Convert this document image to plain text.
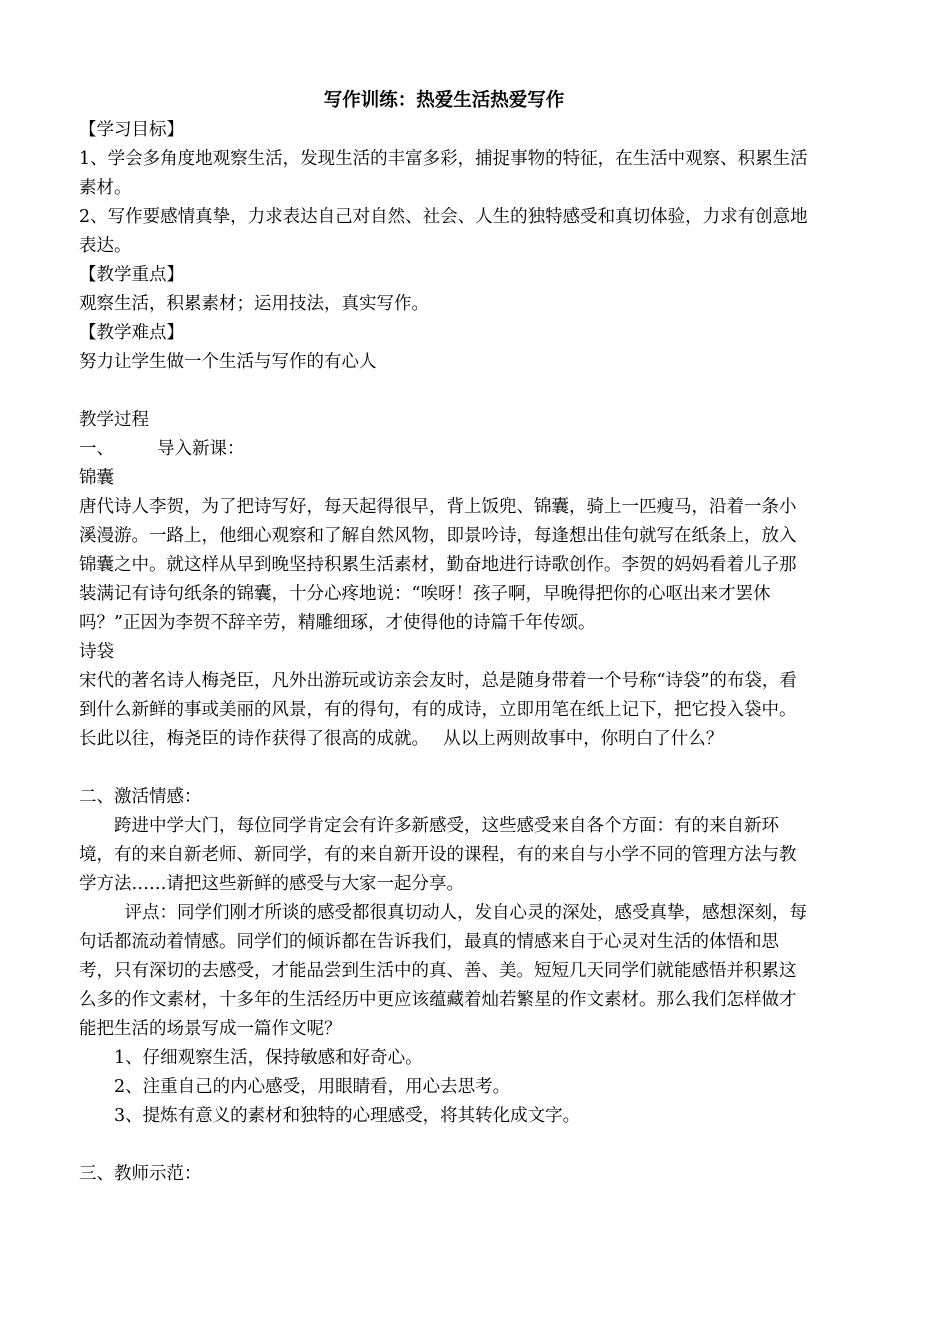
写作训练：热爱生活热爱写作

【学习目标】

1、学会多角度地观察生活，发现生活的丰富多彩，捕捉事物的特征，在生活中观察、积累生活素材。

2、写作要感情真挚，力求表达自己对自然、社会、人生的独特感受和真切体验，力求有创意地表达。

【教学重点】

观察生活，积累素材；运用技法，真实写作。

【教学难点】

努力让学生做一个生活与写作的有心人

教学过程

一、 导入新课：

锦囊

唐代诗人李贺，为了把诗写好，每天起得很早，背上饭兜、锦囊，骑上一匹瘦马，沿着一条小溪漫游。一路上，他细心观察和了解自然风物，即景吟诗，每逢想出佳句就写在纸条上，放入锦囊之中。就这样从早到晚坚持积累生活素材，勤奋地进行诗歌创作。李贺的妈妈看着儿子那装满记有诗句纸条的锦囊，十分心疼地说：“唉呀！孩子啊，早晚得把你的心呕出来才罢休吗？”正因为李贺不辞辛劳，精雕细琢，才使得他的诗篇千年传颂。

诗袋

宋代的著名诗人梅尧臣，凡外出游玩或访亲会友时，总是随身带着一个号称“诗袋”的布袋，看到什么新鲜的事或美丽的风景，有的得句，有的成诗，立即用笔在纸上记下，把它投入袋中。长此以往，梅尧臣的诗作获得了很高的成就。　 从以上两则故事中，你明白了什么？

二、激活情感：

跨进中学大门，每位同学肯定会有许多新感受，这些感受来自各个方面：有的来自新环境，有的来自新老师、新同学，有的来自新开设的课程，有的来自与小学不同的管理方法与教学方法……请把这些新鲜的感受与大家一起分享。

评点：同学们刚才所谈的感受都很真切动人，发自心灵的深处，感受真挚，感想深刻，每句话都流动着情感。同学们的倾诉都在告诉我们，最真的情感来自于心灵对生活的体悟和思考，只有深切的去感受，才能品尝到生活中的真、善、美。短短几天同学们就能感悟并积累这么多的作文素材，十多年的生活经历中更应该蕴藏着灿若繁星的作文素材。那么我们怎样做才能把生活的场景写成一篇作文呢？

1、仔细观察生活，保持敏感和好奇心。

2、注重自己的内心感受，用眼睛看，用心去思考。

3、提炼有意义的素材和独特的心理感受，将其转化成文字。

三、教师示范：
